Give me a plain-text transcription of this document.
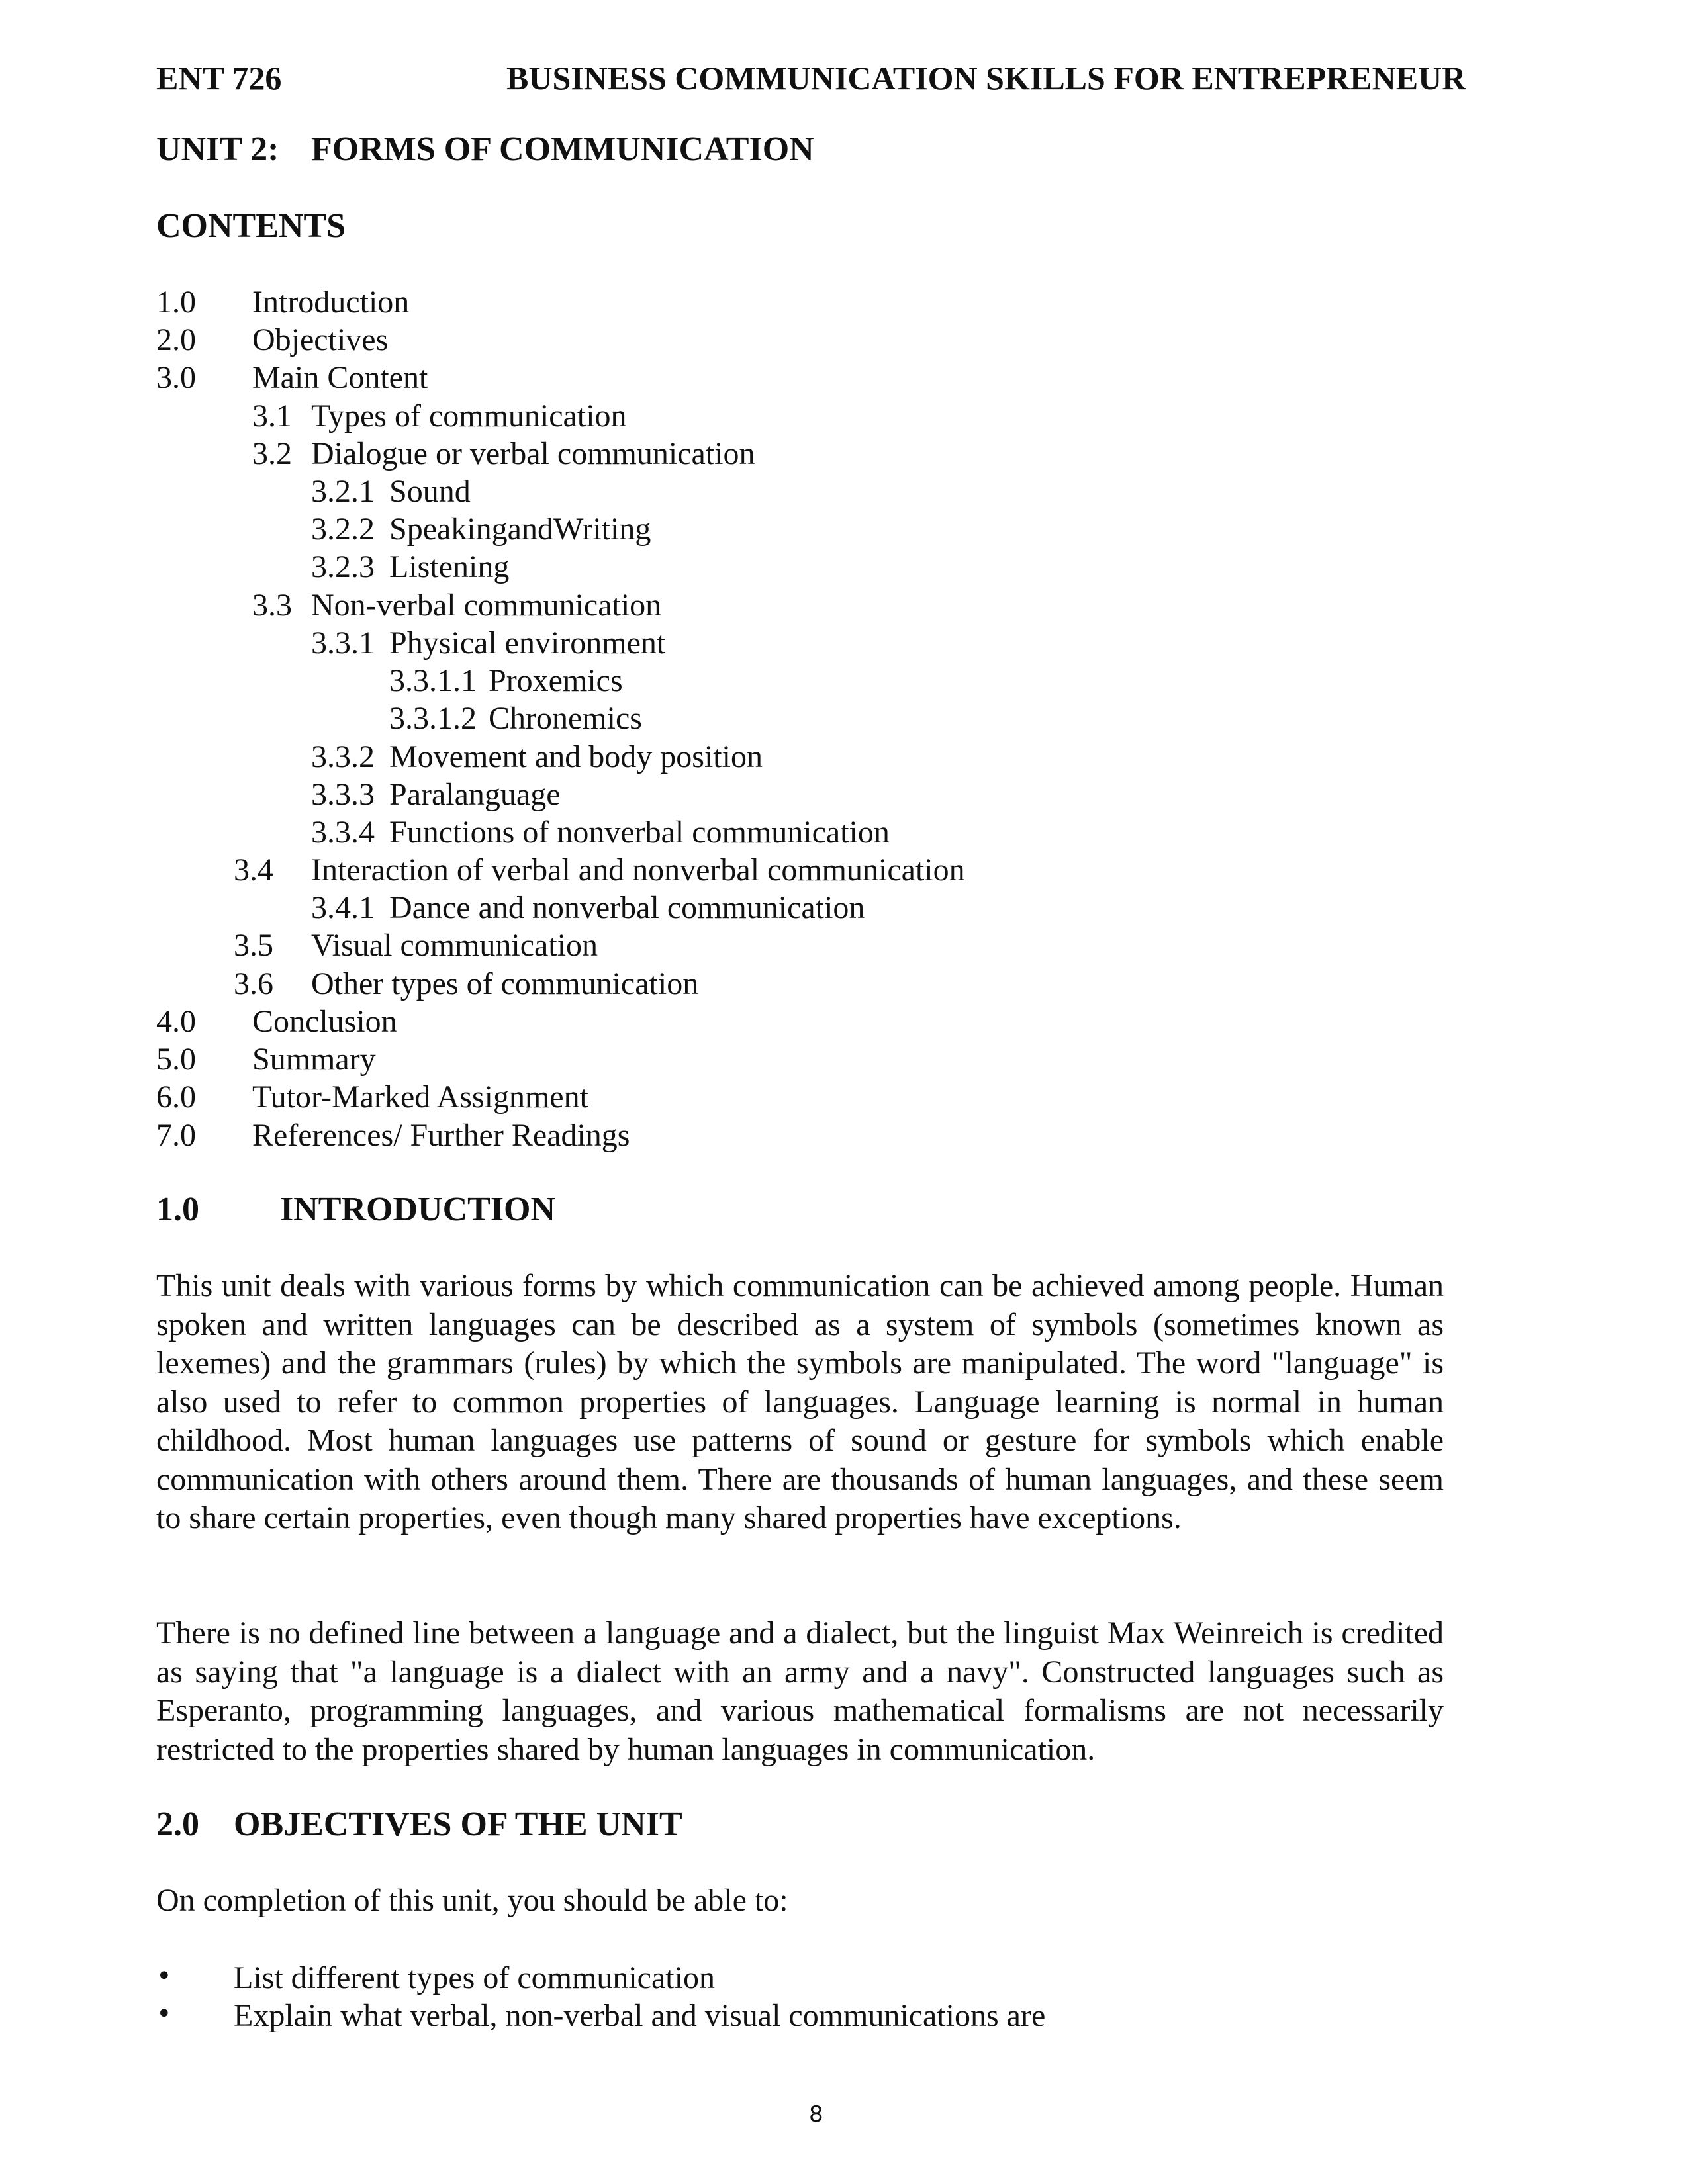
ENT 726	BUSINESS COMMUNICATION SKILLS FOR ENTREPRENEUR
UNIT 2: FORMS OF COMMUNICATION
CONTENTS
1.0 Introduction
2.0 Objectives
3.0 Main Content
3.1 Types of communication
3.2 Dialogue or verbal communication
3.2.1 Sound
3.2.2 SpeakingandWriting
3.2.3 Listening
3.3 Non-verbal communication
3.3.1 Physical environment
3.3.1.1 Proxemics
3.3.1.2 Chronemics
3.3.2 Movement and body position
3.3.3 Paralanguage
3.3.4 Functions of nonverbal communication
3.4 Interaction of verbal and nonverbal communication
3.4.1 Dance and nonverbal communication
3.5 Visual communication
3.6 Other types of communication
4.0 Conclusion
5.0 Summary
6.0 Tutor-Marked Assignment
7.0 References/ Further Readings
1.0 INTRODUCTION

This unit deals with various forms by which communication can be achieved among people. Human spoken and written languages can be described as a system of symbols (sometimes known as lexemes) and the grammars (rules) by which the symbols are manipulated. The word "language" is also used to refer to common properties of languages. Language learning is normal in human childhood. Most human languages use patterns of sound or gesture for symbols which enable communication with others around them. There are thousands of human languages, and these seem to share certain properties, even though many shared properties have exceptions.

There is no defined line between a language and a dialect, but the linguist Max Weinreich is credited as saying that "a language is a dialect with an army and a navy". Constructed languages such as Esperanto, programming languages, and various mathematical formalisms are not necessarily restricted to the properties shared by human languages in communication.

2.0 OBJECTIVES OF THE UNIT
On completion of this unit, you should be able to:
• List different types of communication
• Explain what verbal, non-verbal and visual communications are
8
